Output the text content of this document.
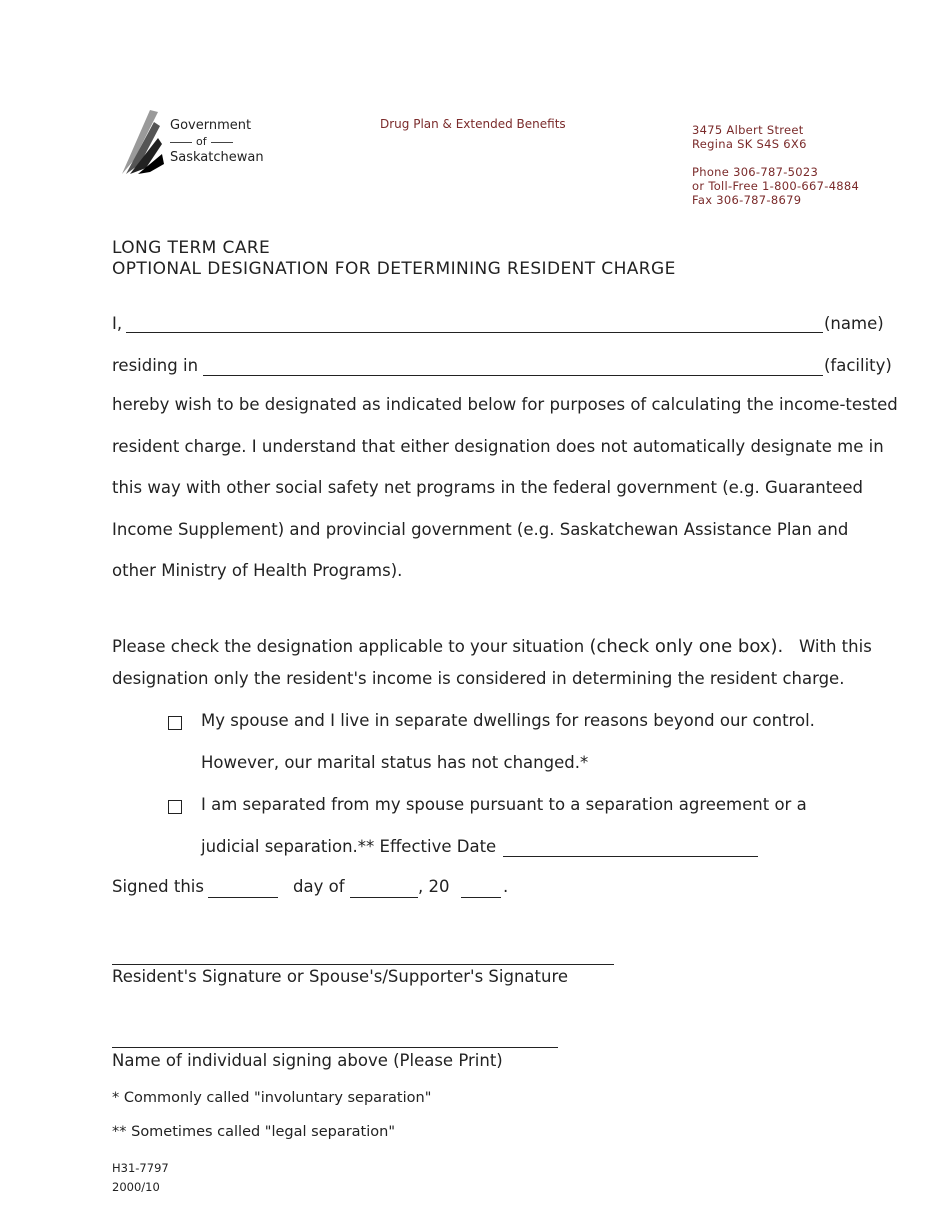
Government
of
Saskatchewan
Drug Plan & Extended Benefits	3475 Albert Street
Regina SK S4S 6X6
Phone 306-787-5023
or Toll-Free 1-800-667-4884
Fax 306-787-8679
LONG TERM CARE
OPTIONAL DESIGNATION FOR DETERMINING RESIDENT CHARGE
I,	(name)
residing in	(facility)
hereby wish to be designated as indicated below for purposes of calculating the income-tested
resident charge. I understand that either designation does not automatically designate me in
this way with other social safety net programs in the federal government (e.g. Guaranteed
Income Supplement) and provincial government (e.g. Saskatchewan Assistance Plan and
other Ministry of Health Programs).
Please check the designation applicable to your situation (check only one box). With this
designation only the resident's income is considered in determining the resident charge.
My spouse and I live in separate dwellings for reasons beyond our control.
However, our marital status has not changed.*
I am separated from my spouse pursuant to a separation agreement or a
judicial separation.** Effective Date
Signed this	day of	, 20	.
Resident's Signature or Spouse's/Supporter's Signature
Name of individual signing above (Please Print)
* Commonly called "involuntary separation"
** Sometimes called "legal separation"
H31-7797
2000/10
